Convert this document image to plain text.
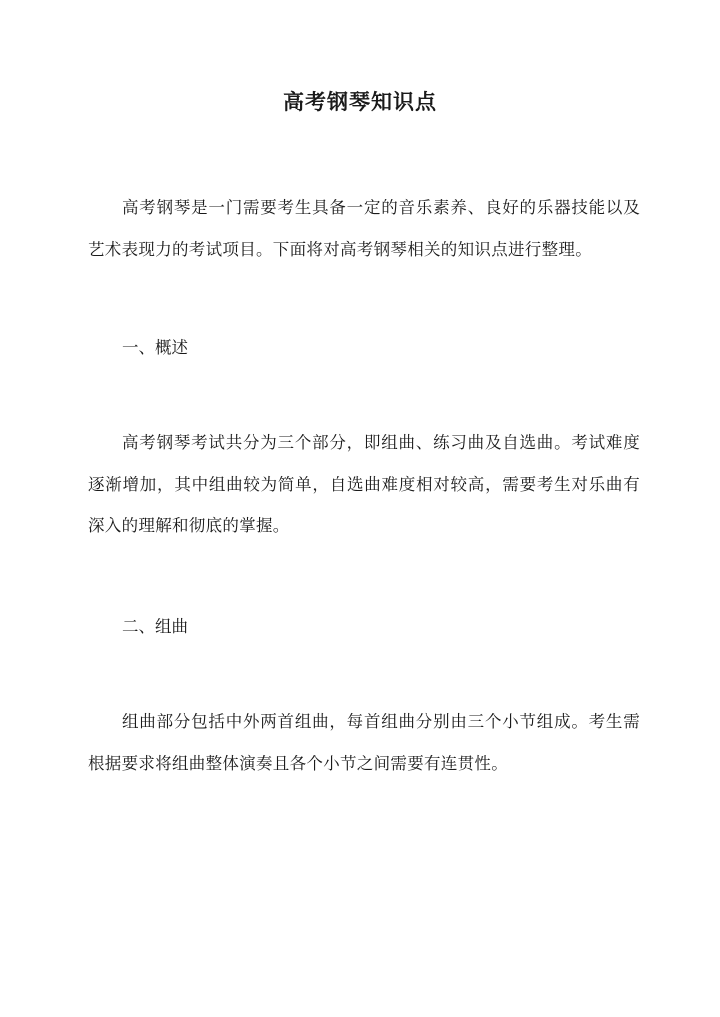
高考钢琴知识点

高考钢琴是一门需要考生具备一定的音乐素养、良好的乐器技能以及艺术表现力的考试项目。下面将对高考钢琴相关的知识点进行整理。

一、概述

高考钢琴考试共分为三个部分，即组曲、练习曲及自选曲。考试难度逐渐增加，其中组曲较为简单，自选曲难度相对较高，需要考生对乐曲有深入的理解和彻底的掌握。

二、组曲

组曲部分包括中外两首组曲，每首组曲分别由三个小节组成。考生需根据要求将组曲整体演奏且各个小节之间需要有连贯性。
